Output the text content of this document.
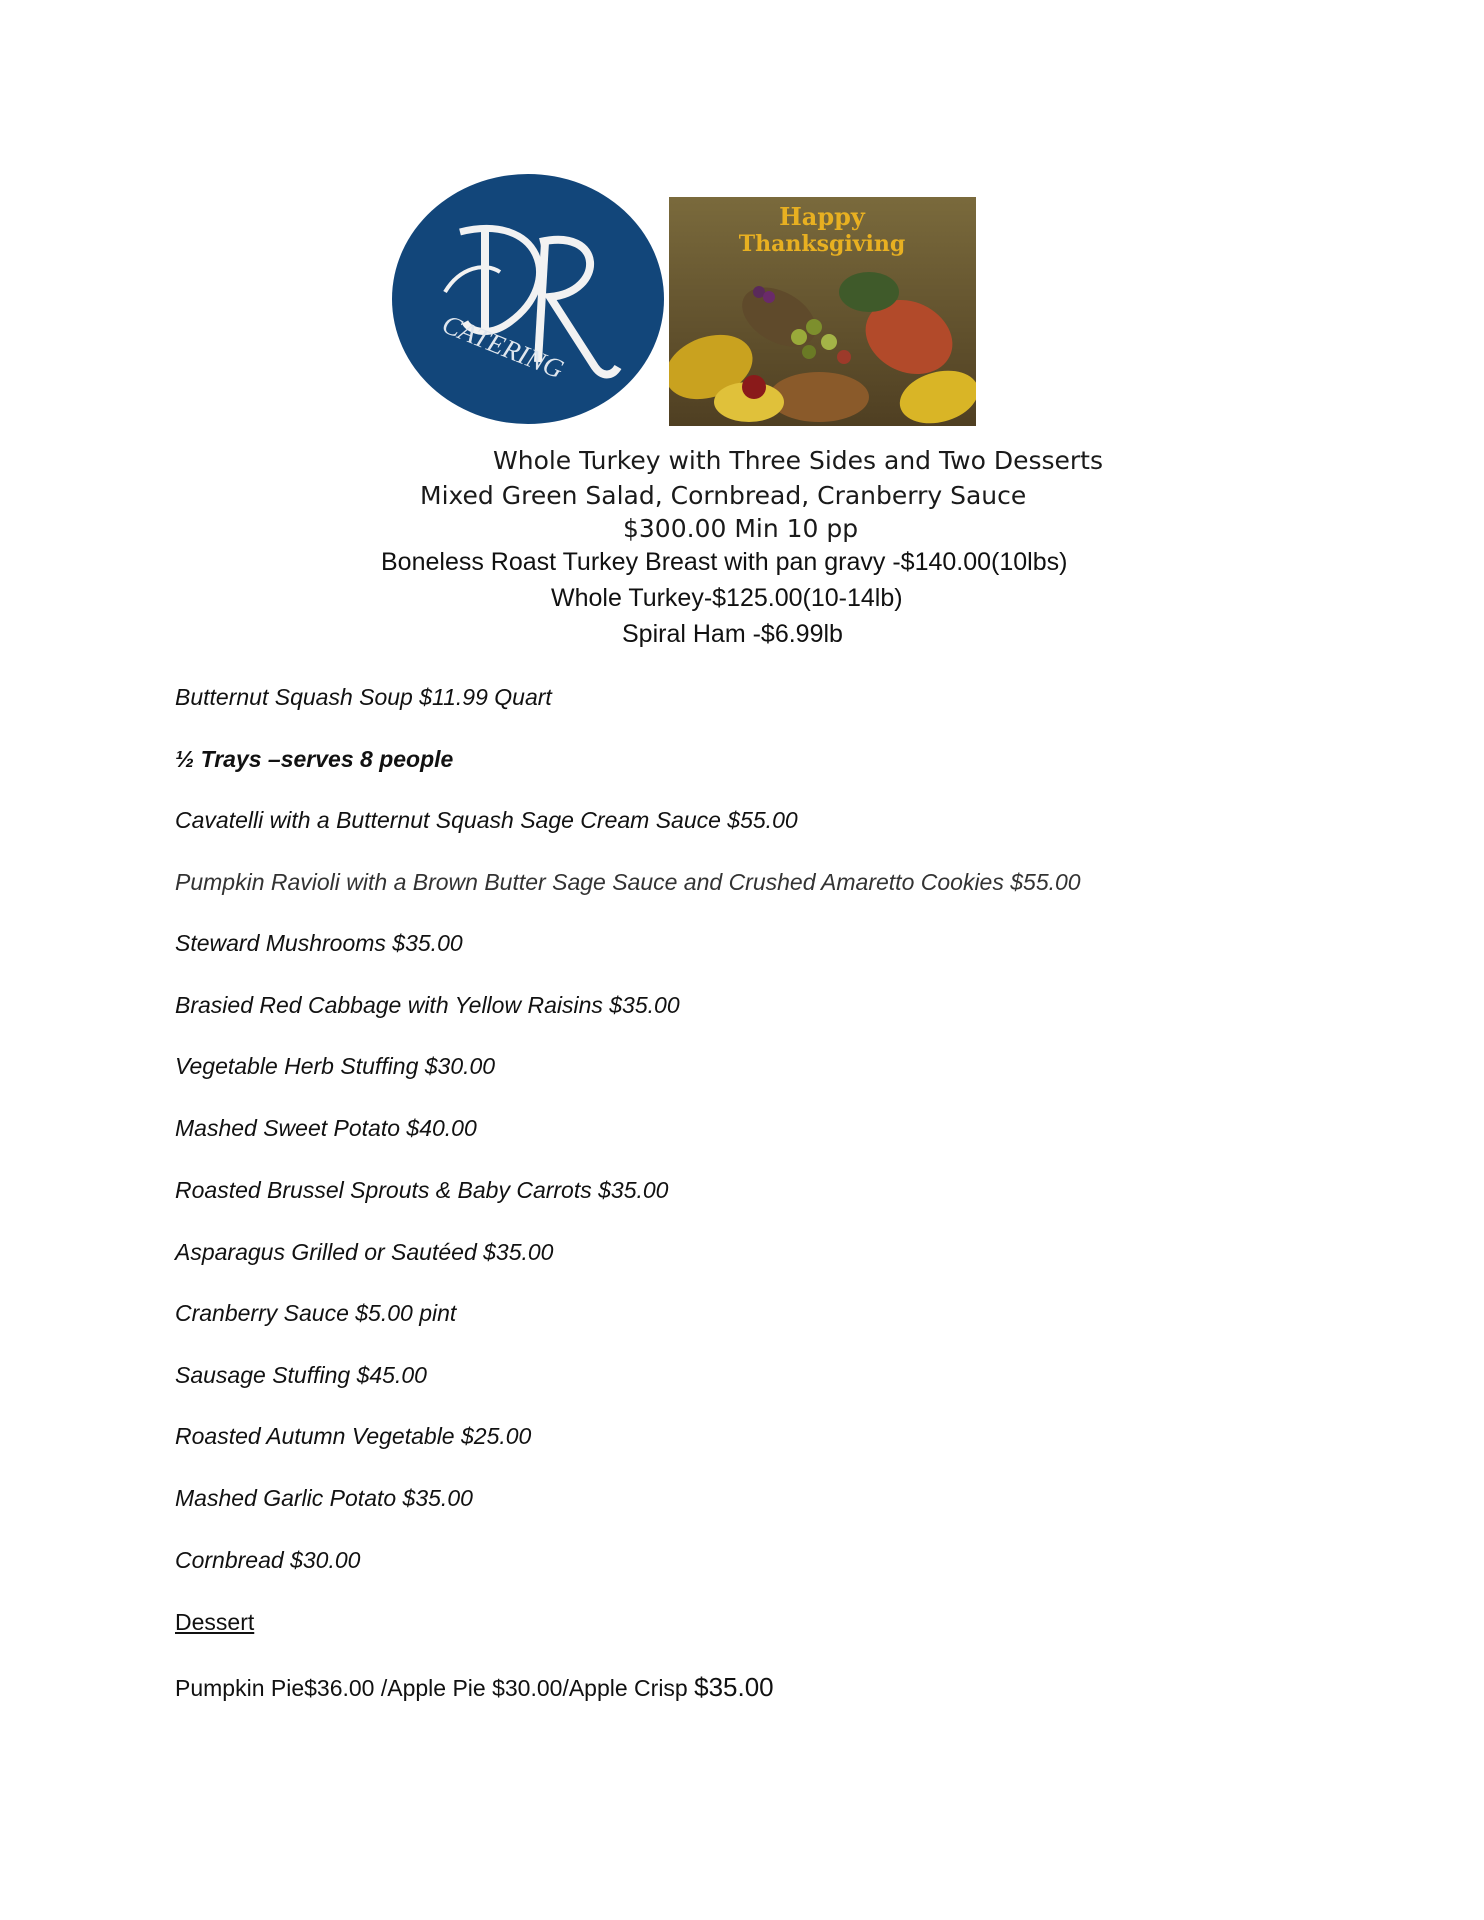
CATERING
Happy
Thanksgiving

Whole Turkey with Three Sides and Two Desserts

Mixed Green Salad, Cornbread, Cranberry Sauce

$300.00 Min 10 pp

Boneless Roast Turkey Breast with pan gravy -$140.00(10lbs)

Whole Turkey-$125.00(10-14lb)

Spiral Ham -$6.99lb

Butternut Squash Soup $11.99 Quart

½ Trays –serves 8 people

Cavatelli with a Butternut Squash Sage Cream Sauce $55.00

Pumpkin Ravioli with a Brown Butter Sage Sauce and Crushed Amaretto Cookies $55.00

Steward Mushrooms $35.00

Brasied Red Cabbage with Yellow Raisins $35.00

Vegetable Herb Stuffing $30.00

Mashed Sweet Potato $40.00

Roasted Brussel Sprouts & Baby Carrots $35.00

Asparagus Grilled or Sautéed $35.00

Cranberry Sauce $5.00 pint

Sausage Stuffing $45.00

Roasted Autumn Vegetable $25.00

Mashed Garlic Potato $35.00

Cornbread $30.00

Dessert

Pumpkin Pie$36.00 /Apple Pie $30.00/Apple Crisp $35.00
